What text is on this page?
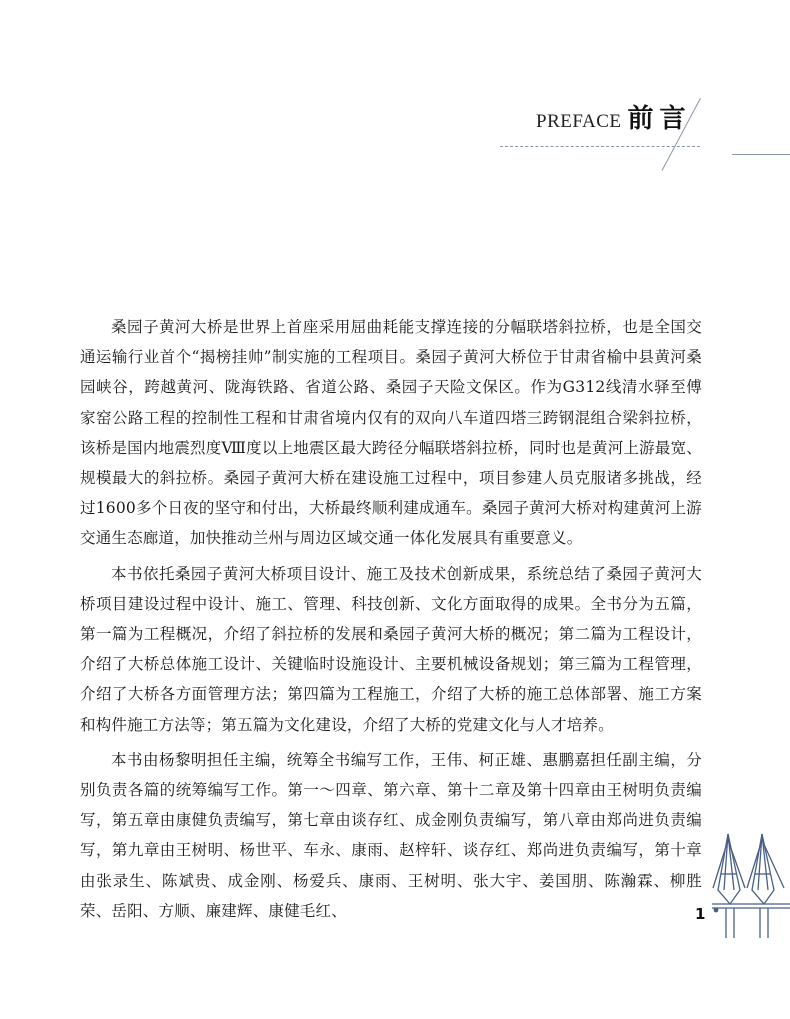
PREFACE 前言

桑园子黄河大桥是世界上首座采用屈曲耗能支撑连接的分幅联塔斜拉桥，也是全国交通运输行业首个“揭榜挂帅”制实施的工程项目。桑园子黄河大桥位于甘肃省榆中县黄河桑园峡谷，跨越黄河、陇海铁路、省道公路、桑园子天险文保区。作为G312线清水驿至傅家窑公路工程的控制性工程和甘肃省境内仅有的双向八车道四塔三跨钢混组合梁斜拉桥，该桥是国内地震烈度Ⅷ度以上地震区最大跨径分幅联塔斜拉桥，同时也是黄河上游最宽、规模最大的斜拉桥。桑园子黄河大桥在建设施工过程中，项目参建人员克服诸多挑战，经过1600多个日夜的坚守和付出，大桥最终顺利建成通车。桑园子黄河大桥对构建黄河上游交通生态廊道，加快推动兰州与周边区域交通一体化发展具有重要意义。

本书依托桑园子黄河大桥项目设计、施工及技术创新成果，系统总结了桑园子黄河大桥项目建设过程中设计、施工、管理、科技创新、文化方面取得的成果。全书分为五篇，第一篇为工程概况，介绍了斜拉桥的发展和桑园子黄河大桥的概况；第二篇为工程设计，介绍了大桥总体施工设计、关键临时设施设计、主要机械设备规划；第三篇为工程管理，介绍了大桥各方面管理方法；第四篇为工程施工，介绍了大桥的施工总体部署、施工方案和构件施工方法等；第五篇为文化建设，介绍了大桥的党建文化与人才培养。

本书由杨黎明担任主编，统筹全书编写工作，王伟、柯正雄、惠鹏嘉担任副主编，分别负责各篇的统筹编写工作。第一～四章、第六章、第十二章及第十四章由王树明负责编写，第五章由康健负责编写，第七章由谈存红、成金刚负责编写，第八章由郑尚进负责编写，第九章由王树明、杨世平、车永、康雨、赵梓轩、谈存红、郑尚进负责编写，第十章由张录生、陈斌贵、成金刚、杨爱兵、康雨、王树明、张大宇、姜国朋、陈瀚霖、柳胜荣、岳阳、方顺、廉建辉、康健毛红、	1
